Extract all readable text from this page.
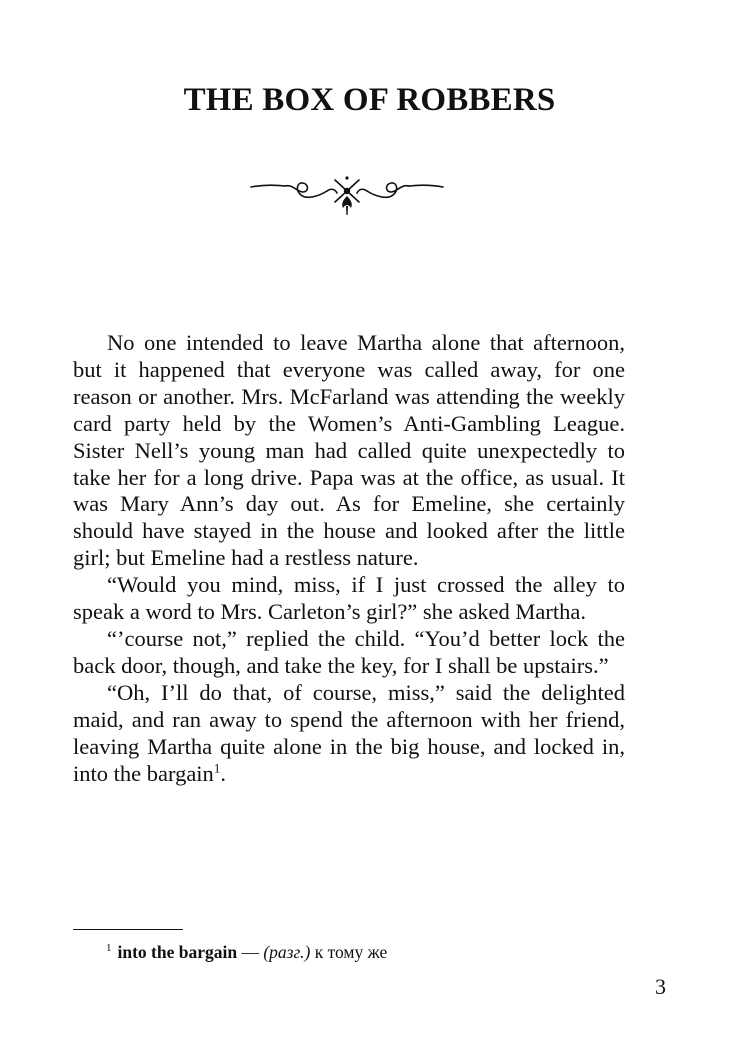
THE BOX OF ROBBERS

No one intended to leave Martha alone that afternoon, but it happened that everyone was called away, for one reason or another. Mrs. McFarland was attending the weekly card party held by the Women’s Anti-Gambling League. Sister Nell’s young man had called quite unexpectedly to take her for a long drive. Papa was at the office, as usual. It was Mary Ann’s day out. As for Emeline, she certainly should have stayed in the house and looked after the little girl; but Emeline had a restless nature.

“Would you mind, miss, if I just crossed the alley to speak a word to Mrs. Carleton’s girl?” she asked Martha.

“’course not,” replied the child. “You’d better lock the back door, though, and take the key, for I shall be upstairs.”

“Oh, I’ll do that, of course, miss,” said the delighted maid, and ran away to spend the afternoon with her friend, leaving Martha quite alone in the big house, and locked in, into the bargain$^1$.

$^1$ into the bargain — (разг.) к тому же
3
